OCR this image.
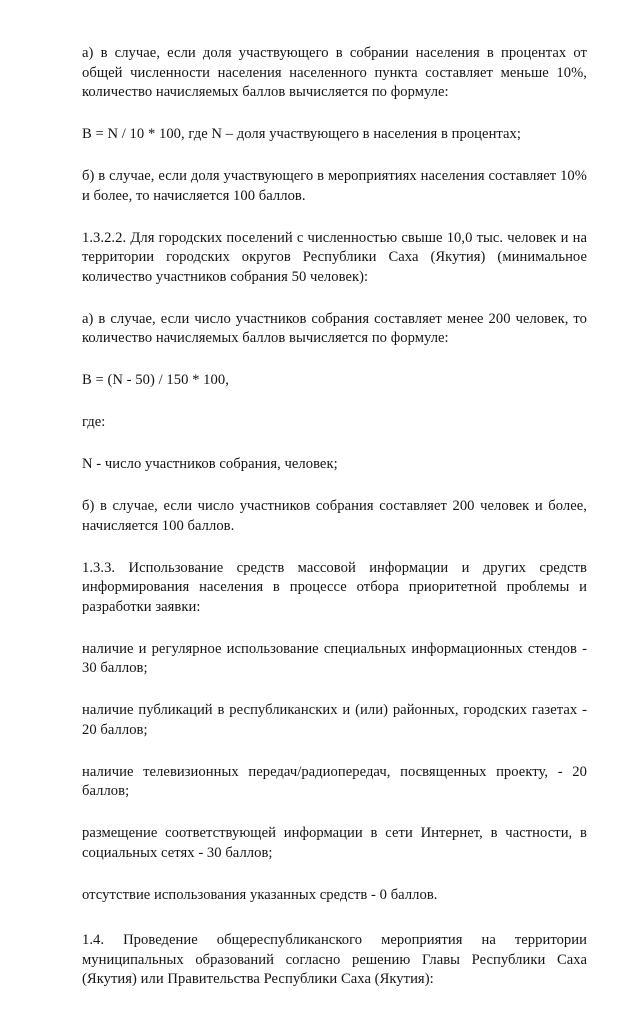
а) в случае, если доля участвующего в собрании населения в процентах от общей численности населения населенного пункта составляет меньше 10%, количество начисляемых баллов вычисляется по формуле:

B = N / 10 * 100, где N – доля участвующего в населения в процентах;

б) в случае, если доля участвующего в мероприятиях населения составляет 10% и более, то начисляется 100 баллов.

1.3.2.2. Для городских поселений с численностью свыше 10,0 тыс. человек и на территории городских округов Республики Саха (Якутия) (минимальное количество участников собрания 50 человек):

а) в случае, если число участников собрания составляет менее 200 человек, то количество начисляемых баллов вычисляется по формуле:

B = (N - 50) / 150 * 100,

где:

N - число участников собрания, человек;

б) в случае, если число участников собрания составляет 200 человек и более, начисляется 100 баллов.

1.3.3. Использование средств массовой информации и других средств информирования населения в процессе отбора приоритетной проблемы и разработки заявки:

наличие и регулярное использование специальных информационных стендов - 30 баллов;

наличие публикаций в республиканских и (или) районных, городских газетах - 20 баллов;

наличие телевизионных передач/радиопередач, посвященных проекту, - 20 баллов;

размещение соответствующей информации в сети Интернет, в частности, в социальных сетях - 30 баллов;

отсутствие использования указанных средств - 0 баллов.

1.4. Проведение общереспубликанского мероприятия на территории муниципальных образований согласно решению Главы Республики Саха (Якутия) или Правительства Республики Саха (Якутия):
